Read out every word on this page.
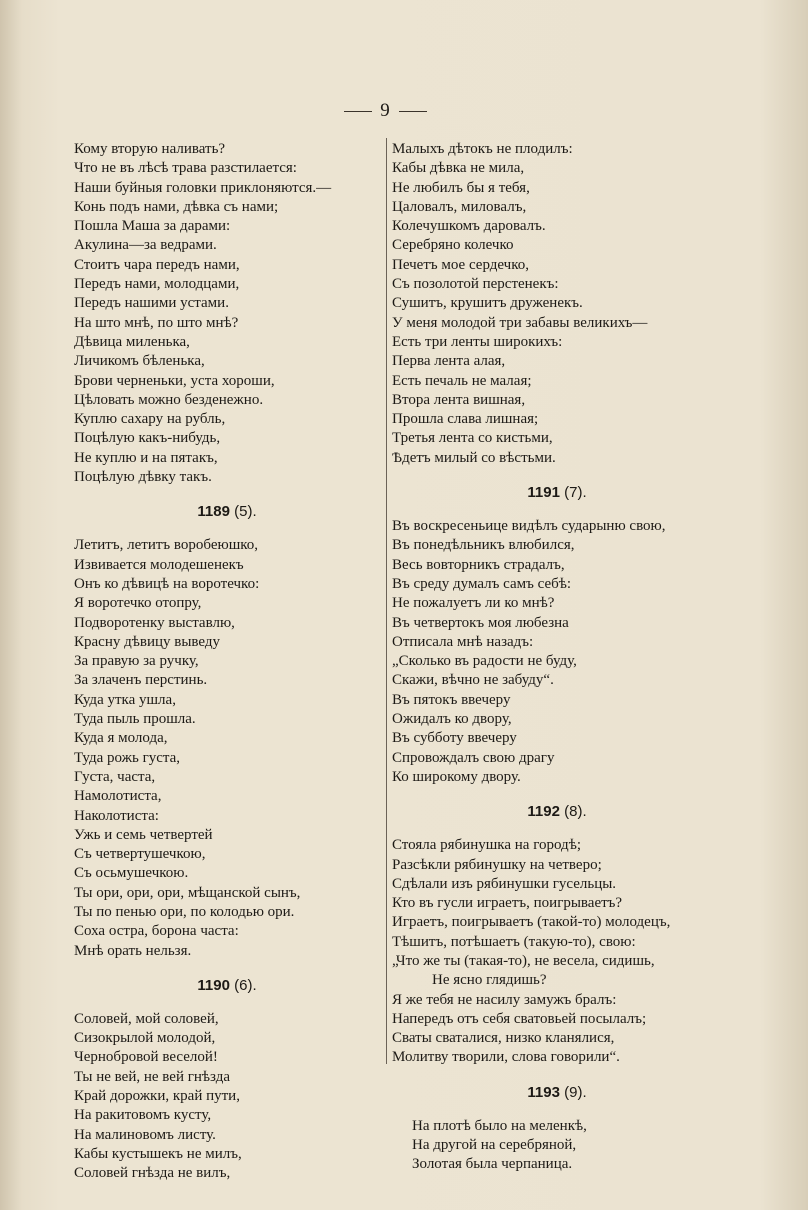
9
Кому вторую наливать?
Что не въ лѣсѣ трава разстилается:
Наши буйныя головки приклоняются.—
Конь подъ нами, дѣвка съ нами;
Пошла Маша за дарами:
Акулина—за ведрами.
Стоитъ чара передъ нами,
Передъ нами, молодцами,
Передъ нашими устами.
На што мнѣ, по што мнѣ?
Дѣвица миленька,
Личикомъ бѣленька,
Брови черненьки, уста хороши,
Цѣловать можно безденежно.
Куплю сахару на рубль,
Поцѣлую какъ-нибудь,
Не куплю и на пятакъ,
Поцѣлую дѣвку такъ.
1189 (5).
Летитъ, летитъ воробеюшко,
Извивается молодешенекъ
Онъ ко дѣвицѣ на воротечко:
Я воротечко отопру,
Подворотенку выставлю,
Красну дѣвицу выведу
За правую за ручку,
За злаченъ перстинь.
Куда утка ушла,
Туда пыль прошла.
Куда я молода,
Туда рожь густа,
Густа, часта,
Намолотиста,
Наколотиста:
Ужь и семь четвертей
Съ четвертушечкою,
Съ осьмушечкою.
Ты ори, ори, ори, мѣщанской сынъ,
Ты по пенью ори, по колодью ори.
Соха остра, борона часта:
Мнѣ орать нельзя.
1190 (6).
Соловей, мой соловей,
Сизокрылой молодой,
Чернобровой веселой!
Ты не вей, не вей гнѣзда
Край дорожки, край пути,
На ракитовомъ кусту,
На малиновомъ листу.
Кабы кустышекъ не милъ,
Соловей гнѣзда не вилъ,
Малыхъ дѣтокъ не плодилъ:
Кабы дѣвка не мила,
Не любилъ бы я тебя,
Цаловалъ, миловалъ,
Колечушкомъ даровалъ.
Серебряно колечко
Печетъ мое сердечко,
Съ позолотой перстенекъ:
Сушитъ, крушитъ друженекъ.
У меня молодой три забавы великихъ—
Есть три ленты широкихъ:
Перва лента алая,
Есть печаль не малая;
Втора лента вишная,
Прошла слава лишная;
Третья лента со кистьми,
Ѣдетъ милый со вѣстьми.
1191 (7).
Въ воскресеньице видѣлъ сударыню свою,
Въ понедѣльникъ влюбился,
Весь вовторникъ страдалъ,
Въ среду думалъ самъ себѣ:
Не пожалуетъ ли ко мнѣ?
Въ четвертокъ моя любезна
Отписала мнѣ назадъ:
„Сколько въ радости не буду,
Скажи, вѣчно не забуду“.
Въ пятокъ ввечеру
Ожидалъ ко двору,
Въ субботу ввечеру
Спровождалъ свою драгу
Ко широкому двору.
1192 (8).
Стояла рябинушка на городѣ;
Разсѣкли рябинушку на четверо;
Сдѣлали изъ рябинушки гусельцы.
Кто въ гусли играетъ, поигрываетъ?
Играетъ, поигрываетъ (такой-то) молодецъ,
Тѣшитъ, потѣшаетъ (такую-то), свою:
„Что же ты (такая-то), не весела, сидишь,
Не ясно глядишь?
Я же тебя не насилу замужъ бралъ:
Напередъ отъ себя сватовьей посылалъ;
Сваты сваталися, низко кланялися,
Молитву творили, слова говорили“.
1193 (9).
На плотѣ было на меленкѣ,
На другой на серебряной,
Золотая была черпаница.
